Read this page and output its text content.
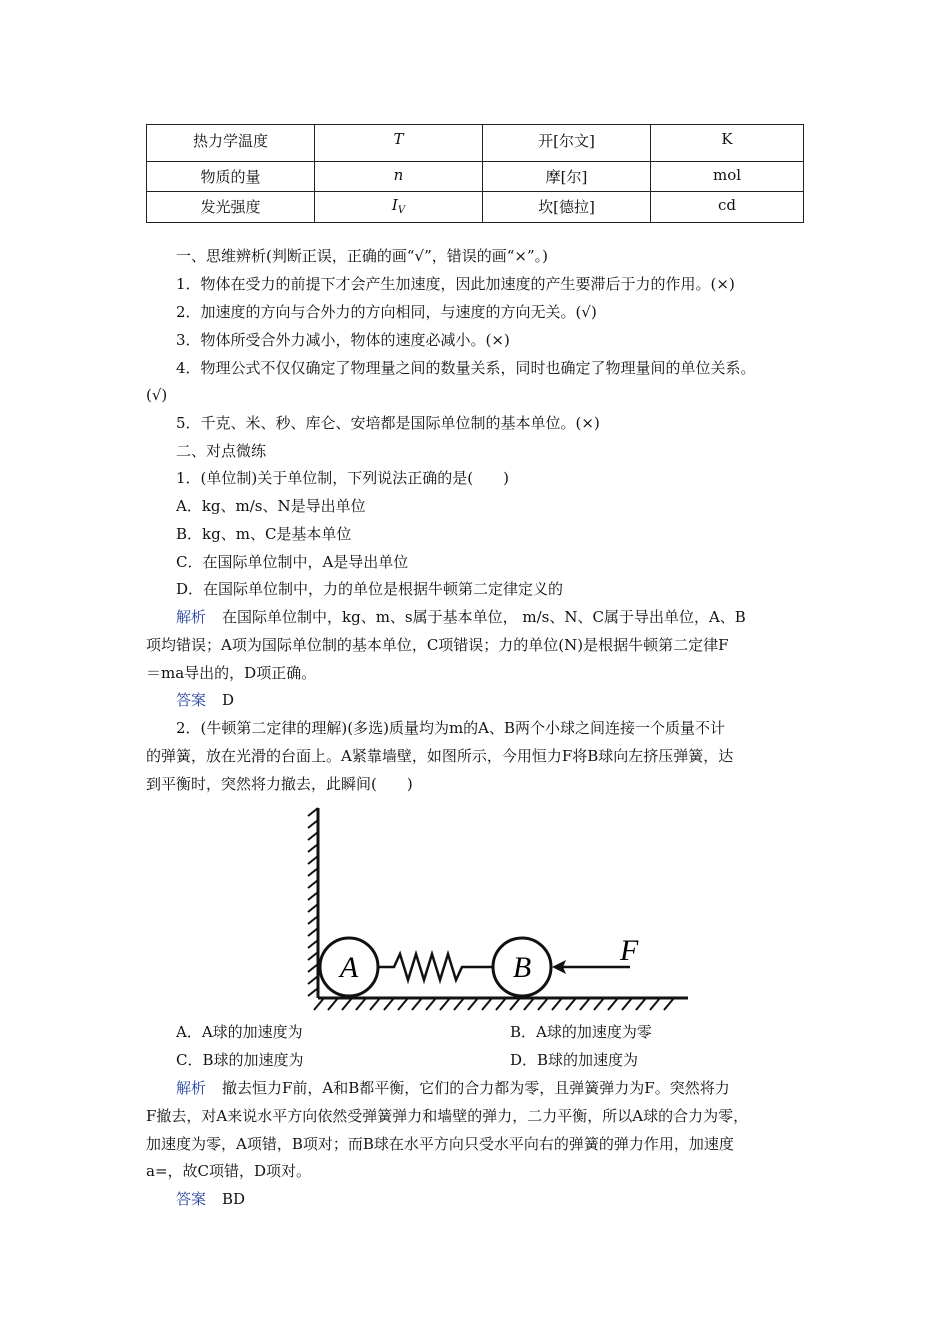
热力学温度	T	开[尔文]	K
物质的量	n	摩[尔]	mol
发光强度	$I_V$	坎[德拉]	cd
一、思维辨析(判断正误，正确的画“√”，错误的画“×”。)
1．物体在受力的前提下才会产生加速度，因此加速度的产生要滞后于力的作用。(×)
2．加速度的方向与合外力的方向相同，与速度的方向无关。(√)
3．物体所受合外力减小，物体的速度必减小。(×)
4．物理公式不仅仅确定了物理量之间的数量关系，同时也确定了物理量间的单位关系。
(√)
5．千克、米、秒、库仑、安培都是国际单位制的基本单位。(×)
二、对点微练
1．(单位制)关于单位制，下列说法正确的是(　　)
A．kg、m/s、N是导出单位
B．kg、m、C是基本单位
C．在国际单位制中，A是导出单位
D．在国际单位制中，力的单位是根据牛顿第二定律定义的
解析 在国际单位制中，kg、m、s属于基本单位， m/s、N、C属于导出单位，A、B
项均错误；A项为国际单位制的基本单位，C项错误；力的单位(N)是根据牛顿第二定律F
＝ma导出的，D项正确。
答案 D
2．(牛顿第二定律的理解)(多选)质量均为m的A、B两个小球之间连接一个质量不计
的弹簧，放在光滑的台面上。A紧靠墙壁，如图所示，今用恒力F将B球向左挤压弹簧，达
到平衡时，突然将力撤去，此瞬间(　　)
A	B
F
A．A球的加速度为	B．A球的加速度为零
C．B球的加速度为	D．B球的加速度为
解析 撤去恒力F前，A和B都平衡，它们的合力都为零，且弹簧弹力为F。突然将力
F撤去，对A来说水平方向依然受弹簧弹力和墙壁的弹力，二力平衡，所以A球的合力为零，
加速度为零，A项错，B项对；而B球在水平方向只受水平向右的弹簧的弹力作用，加速度
a=，故C项错，D项对。
答案 BD
